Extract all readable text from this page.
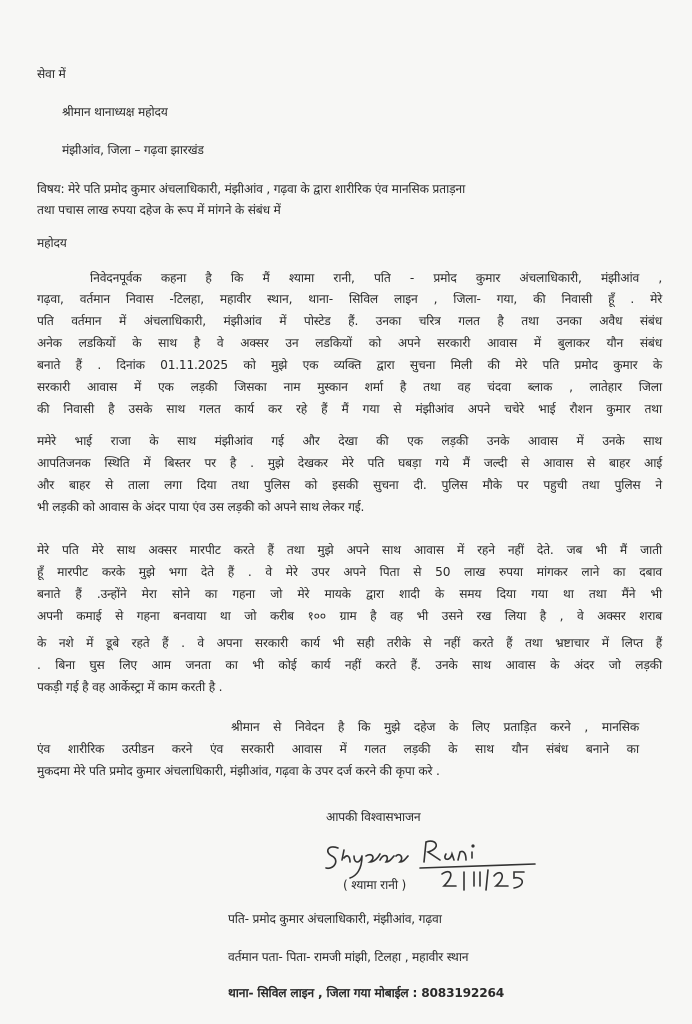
सेवा में
श्रीमान थानाध्यक्ष महोदय
मंझीआंव, जिला – गढ़वा झारखंड
विषय: मेरे पति प्रमोद कुमार अंचलाधिकारी, मंझीआंव , गढ़वा के द्वारा शारीरिक एंव मानसिक प्रताड़ना
तथा पचास लाख रुपया दहेज के रूप में मांगने के संबंध में
महोदय
निवेदनपूर्वक कहना है कि मैं श्यामा रानी, पति - प्रमोद कुमार अंचलाधिकारी, मंझीआंव ,
गढ़वा, वर्तमान निवास -टिलहा, महावीर स्थान, थाना- सिविल लाइन , जिला- गया, की निवासी हूँ . मेरे
पति वर्तमान में अंचलाधिकारी, मंझीआंव में पोस्टेड हैं. उनका चरित्र गलत है तथा उनका अवैध संबंध
अनेक लडकियों के साथ है वे अक्सर उन लडकियों को अपने सरकारी आवास में बुलाकर यौन संबंध
बनाते हैं . दिनांक 01.11.2025 को मुझे एक व्यक्ति द्वारा सुचना मिली की मेरे पति प्रमोद कुमार के
सरकारी आवास में एक लड़की जिसका नाम मुस्कान शर्मा है तथा वह चंदवा ब्लाक , लातेहार जिला
की निवासी है उसके साथ गलत कार्य कर रहे हैं मैं गया से मंझीआंव अपने चचेरे भाई रौशन कुमार तथा
ममेरे भाई राजा के साथ मंझीआंव गई और देखा की एक लड़की उनके आवास में उनके साथ
आपतिजनक स्थिति में बिस्तर पर है . मुझे देखकर मेरे पति घबड़ा गये मैं जल्दी से आवास से बाहर आई
और बाहर से ताला लगा दिया तथा पुलिस को इसकी सुचना दी. पुलिस मौके पर पहुची तथा पुलिस ने
भी लड़की को आवास के अंदर पाया एंव उस लड़की को अपने साथ लेकर गई.
मेरे पति मेरे साथ अक्सर मारपीट करते हैं तथा मुझे अपने साथ आवास में रहने नहीं देते. जब भी मैं जाती
हूँ मारपीट करके मुझे भगा देते हैं . वे मेरे उपर अपने पिता से 50 लाख रुपया मांगकर लाने का दबाव
बनाते हैं .उन्होंने मेरा सोने का गहना जो मेरे मायके द्वारा शादी के समय दिया गया था तथा मैंने भी
अपनी कमाई से गहना बनवाया था जो करीब १०० ग्राम है वह भी उसने रख लिया है , वे अक्सर शराब
के नशे में डूबे रहते हैं . वे अपना सरकारी कार्य भी सही तरीके से नहीं करते हैं तथा भ्रष्टाचार में लिप्त हैं
. बिना घुस लिए आम जनता का भी कोई कार्य नहीं करते हैं. उनके साथ आवास के अंदर जो लड़की
पकड़ी गई है वह आर्केस्ट्रा में काम करती है .
श्रीमान से निवेदन है कि मुझे दहेज के लिए प्रताड़ित करने , मानसिक
एंव शारीरिक उत्पीडन करने एंव सरकारी आवास में गलत लड़की के साथ यौन संबंध बनाने का
मुकदमा मेरे पति प्रमोद कुमार अंचलाधिकारी, मंझीआंव, गढ़वा के उपर दर्ज करने की कृपा करे .
आपकी विश्वासभाजन
( श्यामा रानी )
पति- प्रमोद कुमार अंचलाधिकारी, मंझीआंव, गढ़वा
वर्तमान पता- पिता- रामजी मांझी, टिलहा , महावीर स्थान
थाना- सिविल लाइन , जिला गया मोबाईल : 8083192264
